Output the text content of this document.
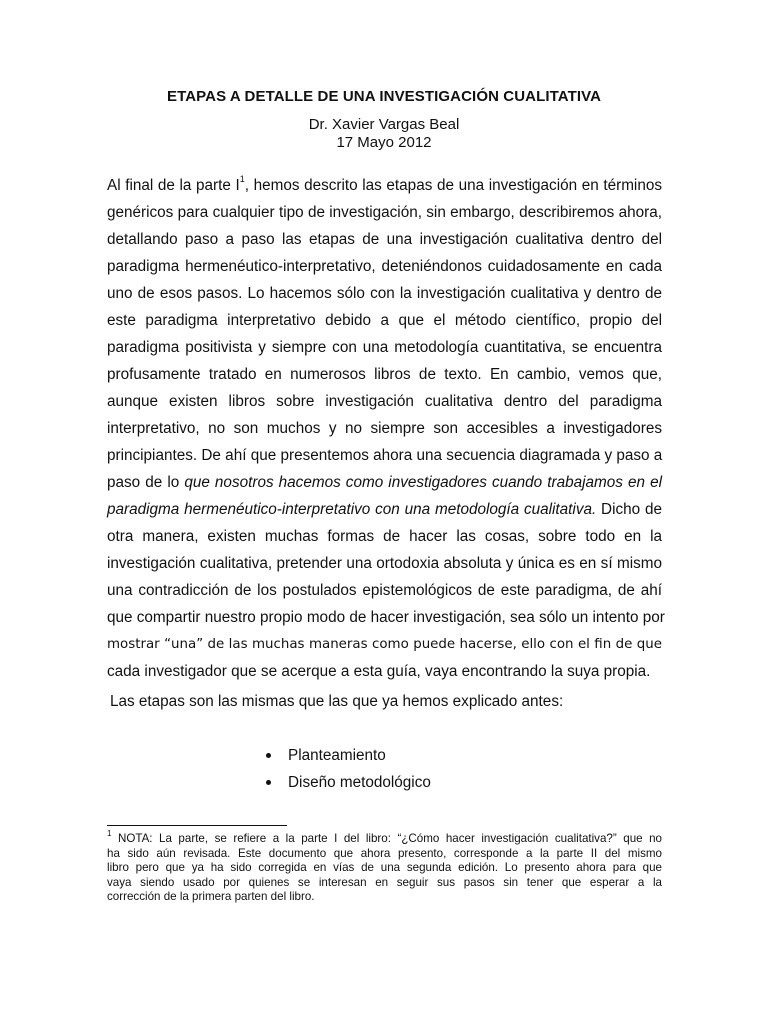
ETAPAS A DETALLE DE UNA INVESTIGACIÓN CUALITATIVA
Dr. Xavier Vargas Beal
17 Mayo 2012
Al final de la parte $I^1$, hemos descrito las etapas de una investigación en términos
genéricos para cualquier tipo de investigación, sin embargo, describiremos ahora,
detallando paso a paso las etapas de una investigación cualitativa dentro del
paradigma hermenéutico-interpretativo, deteniéndonos cuidadosamente en cada
uno de esos pasos. Lo hacemos sólo con la investigación cualitativa y dentro de
este paradigma interpretativo debido a que el método científico, propio del
paradigma positivista y siempre con una metodología cuantitativa, se encuentra
profusamente tratado en numerosos libros de texto. En cambio, vemos que,
aunque existen libros sobre investigación cualitativa dentro del paradigma
interpretativo, no son muchos y no siempre son accesibles a investigadores
principiantes. De ahí que presentemos ahora una secuencia diagramada y paso a
paso de lo que nosotros hacemos como investigadores cuando trabajamos en el
paradigma hermenéutico-interpretativo con una metodología cualitativa. Dicho de
otra manera, existen muchas formas de hacer las cosas, sobre todo en la
investigación cualitativa, pretender una ortodoxia absoluta y única es en sí mismo
una contradicción de los postulados epistemológicos de este paradigma, de ahí
que compartir nuestro propio modo de hacer investigación, sea sólo un intento por
mostrar “una” de las muchas maneras como puede hacerse, ello con el fin de que
cada investigador que se acerque a esta guía, vaya encontrando la suya propia.
Las etapas son las mismas que las que ya hemos explicado antes:
Planteamiento
Diseño metodológico
$^1$ NOTA: La parte, se refiere a la parte I del libro: “¿Cómo hacer investigación cualitativa?” que no
ha sido aún revisada. Este documento que ahora presento, corresponde a la parte II del mismo
libro pero que ya ha sido corregida en vías de una segunda edición. Lo presento ahora para que
vaya siendo usado por quienes se interesan en seguir sus pasos sin tener que esperar a la
corrección de la primera parten del libro.
